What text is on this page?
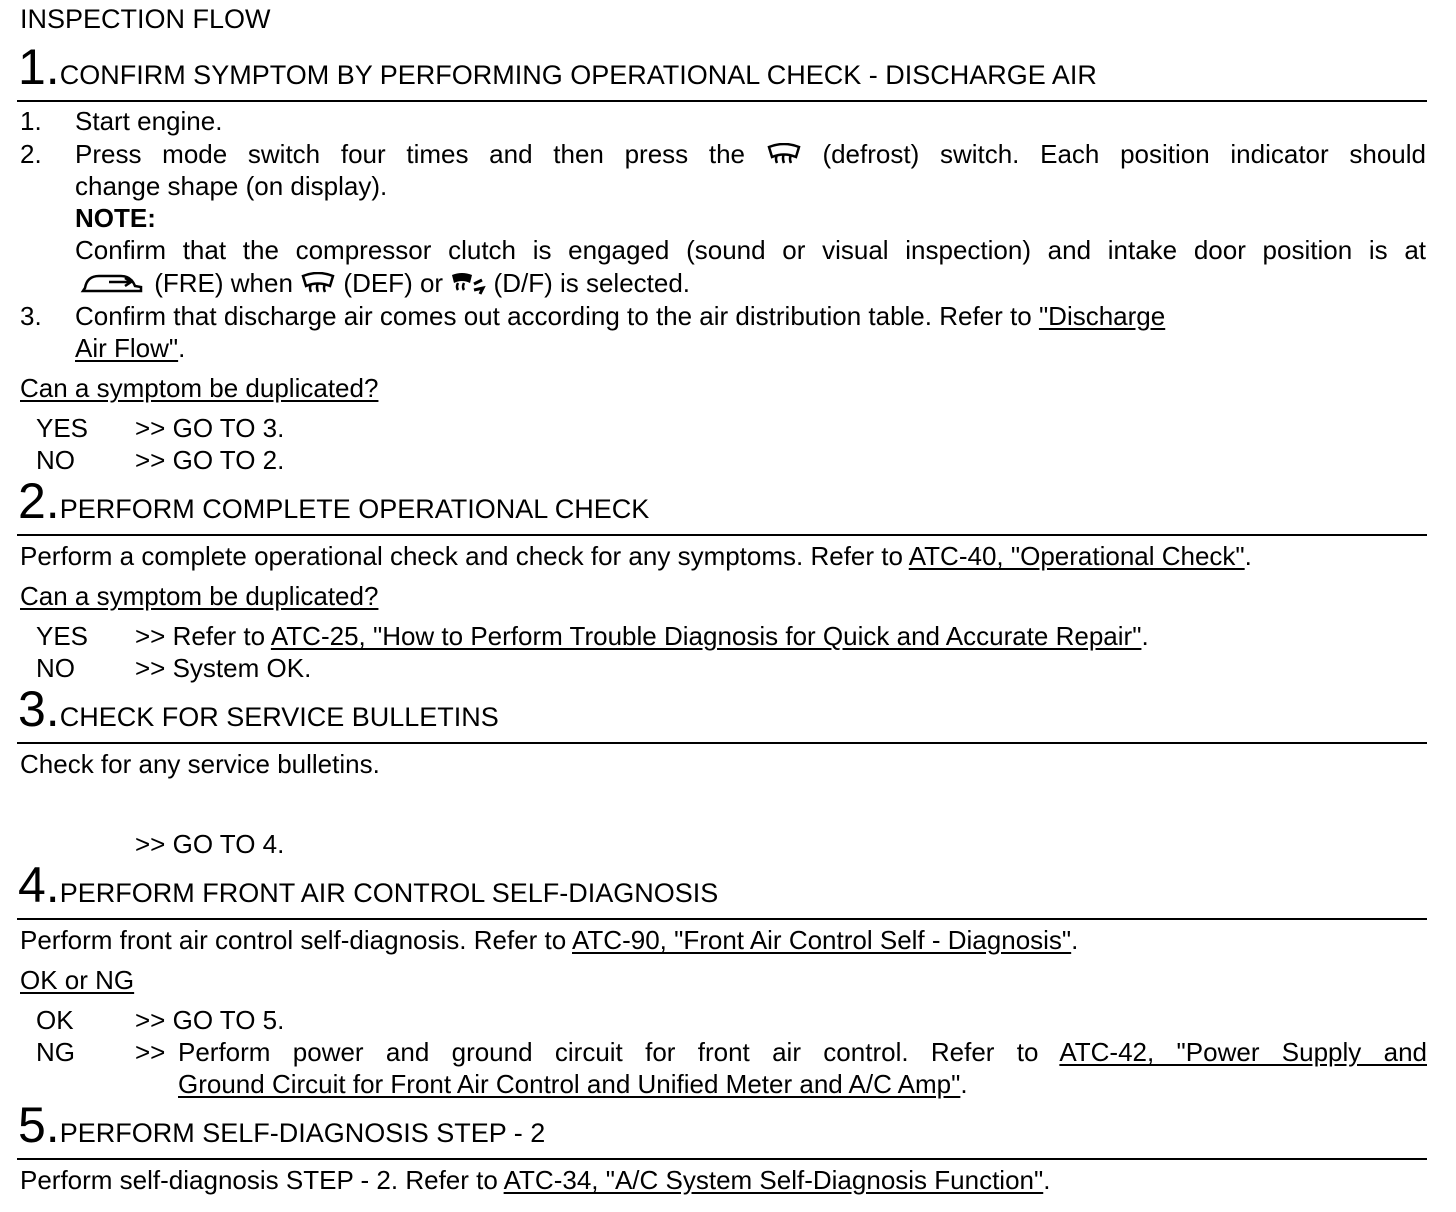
INSPECTION FLOW
1.CONFIRM SYMPTOM BY PERFORMING OPERATIONAL CHECK - DISCHARGE AIR
1. Start engine.
2. Press mode switch four times and then press the	(defrost) switch. Each position indicator should
change shape (on display).
NOTE:
Confirm that the compressor clutch is engaged (sound or visual inspection) and intake door position is at
(FRE) when (DEF) or (D/F) is selected.
3. Confirm that discharge air comes out according to the air distribution table. Refer to "Discharge
Air Flow".
Can a symptom be duplicated?
YES >> GO TO 3.
NO >> GO TO 2.
2.PERFORM COMPLETE OPERATIONAL CHECK
Perform a complete operational check and check for any symptoms. Refer to ATC-40, "Operational Check".
Can a symptom be duplicated?
YES >> Refer to ATC-25, "How to Perform Trouble Diagnosis for Quick and Accurate Repair".
NO >> System OK.
3.CHECK FOR SERVICE BULLETINS
Check for any service bulletins.
>> GO TO 4.
4.PERFORM FRONT AIR CONTROL SELF-DIAGNOSIS
Perform front air control self-diagnosis. Refer to ATC-90, "Front Air Control Self - Diagnosis".
OK or NG
OK >> GO TO 5.
NG >> Perform power and ground circuit for front air control. Refer to ATC-42, "Power Supply and
Ground Circuit for Front Air Control and Unified Meter and A/C Amp".
5.PERFORM SELF-DIAGNOSIS STEP - 2
Perform self-diagnosis STEP - 2. Refer to ATC-34, "A/C System Self-Diagnosis Function".
